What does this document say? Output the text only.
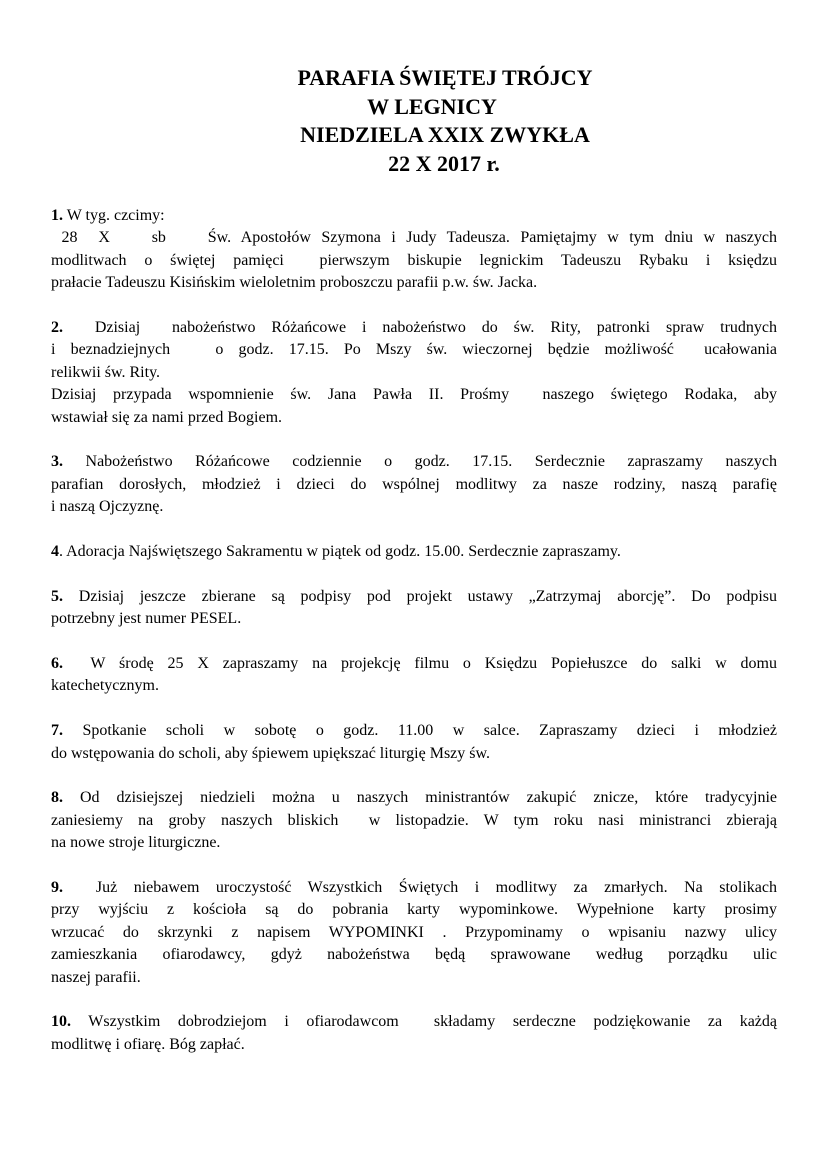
PARAFIA ŚWIĘTEJ TRÓJCY
W LEGNICY
NIEDZIELA XXIX ZWYKŁA
22 X 2017 r.
1. W tyg. czcimy:
28  X    sb    Św. Apostołów Szymona i Judy Tadeusza. Pamiętajmy w tym dniu w naszych
modlitwach o świętej pamięci  pierwszym biskupie legnickim Tadeuszu Rybaku i księdzu
prałacie Tadeuszu Kisińskim wieloletnim proboszczu parafii p.w. św. Jacka.
2.  Dzisiaj  nabożeństwo Różańcowe i nabożeństwo do św. Rity, patronki spraw trudnych
i beznadziejnych   o godz. 17.15. Po Mszy św. wieczornej będzie możliwość  ucałowania
relikwii św. Rity.
Dzisiaj przypada wspomnienie św. Jana Pawła II. Prośmy  naszego świętego Rodaka, aby
wstawiał się za nami przed Bogiem.
3. Nabożeństwo Różańcowe codziennie o godz. 17.15. Serdecznie zapraszamy naszych
parafian dorosłych, młodzież i dzieci do wspólnej modlitwy za nasze rodziny, naszą parafię
i naszą Ojczyznę.
4. Adoracja Najświętszego Sakramentu w piątek od godz. 15.00. Serdecznie zapraszamy.
5. Dzisiaj jeszcze zbierane są podpisy pod projekt ustawy „Zatrzymaj aborcję”. Do podpisu
potrzebny jest numer PESEL.
6.  W środę 25 X zapraszamy na projekcję filmu o Księdzu Popiełuszce do salki w domu
katechetycznym.
7. Spotkanie scholi w sobotę o godz. 11.00 w salce. Zapraszamy dzieci i młodzież
do wstępowania do scholi, aby śpiewem upiększać liturgię Mszy św.
8. Od dzisiejszej niedzieli można u naszych ministrantów zakupić znicze, które tradycyjnie
zaniesiemy na groby naszych bliskich  w listopadzie. W tym roku nasi ministranci zbierają
na nowe stroje liturgiczne.
9.  Już niebawem uroczystość Wszystkich Świętych i modlitwy za zmarłych. Na stolikach
przy wyjściu z kościoła są do pobrania karty wypominkowe. Wypełnione karty prosimy
wrzucać do skrzynki z napisem WYPOMINKI . Przypominamy o wpisaniu nazwy ulicy
zamieszkania ofiarodawcy, gdyż nabożeństwa będą sprawowane według porządku ulic
naszej parafii.
10. Wszystkim dobrodziejom i ofiarodawcom  składamy serdeczne podziękowanie za każdą
modlitwę i ofiarę. Bóg zapłać.
